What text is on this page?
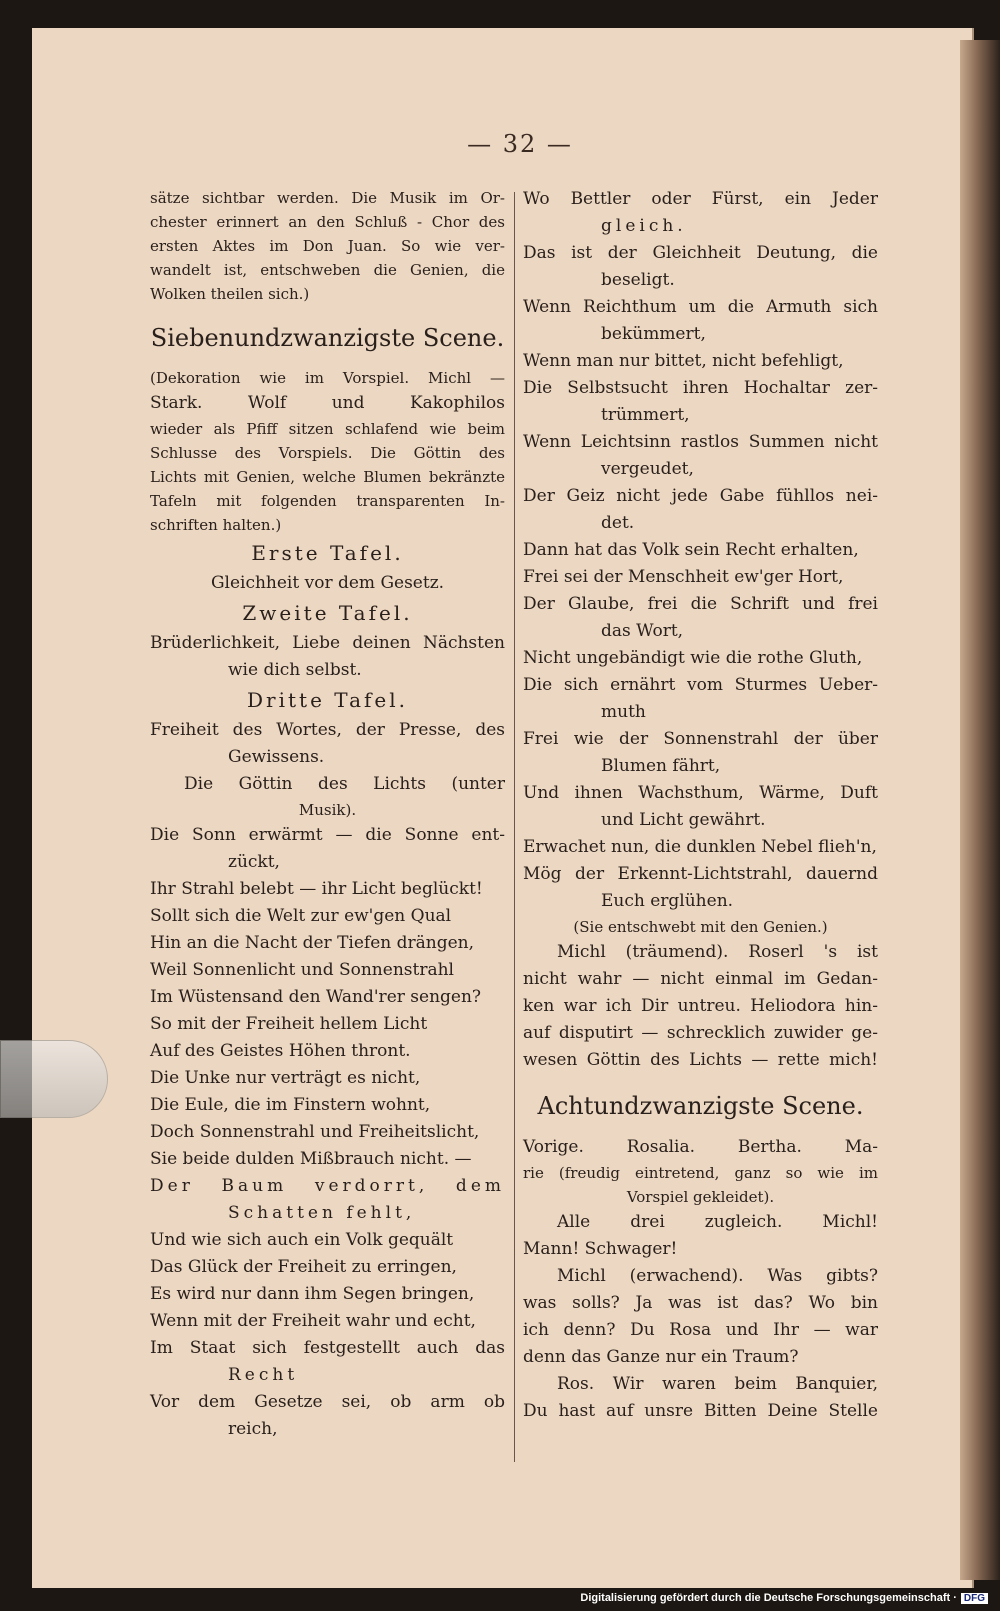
— 32 —
sätze sichtbar werden. Die Musik im Or-
chester erinnert an den Schluß - Chor des
ersten Aktes im Don Juan. So wie ver-
wandelt ist, entschweben die Genien, die
Wolken theilen sich.)
Siebenundzwanzigste Scene.
(Dekoration wie im Vorspiel. Michl —
Stark. Wolf und Kakophilos
wieder als Pfiff sitzen schlafend wie beim
Schlusse des Vorspiels. Die Göttin des
Lichts mit Genien, welche Blumen bekränzte
Tafeln mit folgenden transparenten In-
schriften halten.)
Erste Tafel.
Gleichheit vor dem Gesetz.
Zweite Tafel.
Brüderlichkeit, Liebe deinen Nächsten
wie dich selbst.
Dritte Tafel.
Freiheit des Wortes, der Presse, des
Gewissens.
Die Göttin des Lichts (unter
Musik).
Die Sonn erwärmt — die Sonne ent-
zückt,
Ihr Strahl belebt — ihr Licht beglückt!
Sollt sich die Welt zur ew'gen Qual
Hin an die Nacht der Tiefen drängen,
Weil Sonnenlicht und Sonnenstrahl
Im Wüstensand den Wand'rer sengen?
So mit der Freiheit hellem Licht
Auf des Geistes Höhen thront.
Die Unke nur verträgt es nicht,
Die Eule, die im Finstern wohnt,
Doch Sonnenstrahl und Freiheitslicht,
Sie beide dulden Mißbrauch nicht. —
Der Baum verdorrt, dem
Schatten fehlt,
Und wie sich auch ein Volk gequält
Das Glück der Freiheit zu erringen,
Es wird nur dann ihm Segen bringen,
Wenn mit der Freiheit wahr und echt,
Im Staat sich festgestellt auch das
Recht
Vor dem Gesetze sei, ob arm ob
reich,
Wo Bettler oder Fürst, ein Jeder
gleich.
Das ist der Gleichheit Deutung, die
beseligt.
Wenn Reichthum um die Armuth sich
bekümmert,
Wenn man nur bittet, nicht befehligt,
Die Selbstsucht ihren Hochaltar zer-
trümmert,
Wenn Leichtsinn rastlos Summen nicht
vergeudet,
Der Geiz nicht jede Gabe fühllos nei-
det.
Dann hat das Volk sein Recht erhalten,
Frei sei der Menschheit ew'ger Hort,
Der Glaube, frei die Schrift und frei
das Wort,
Nicht ungebändigt wie die rothe Gluth,
Die sich ernährt vom Sturmes Ueber-
muth
Frei wie der Sonnenstrahl der über
Blumen fährt,
Und ihnen Wachsthum, Wärme, Duft
und Licht gewährt.
Erwachet nun, die dunklen Nebel flieh'n,
Mög der Erkennt-Lichtstrahl, dauernd
Euch erglühen.
(Sie entschwebt mit den Genien.)
Michl (träumend). Roserl 's ist
nicht wahr — nicht einmal im Gedan-
ken war ich Dir untreu. Heliodora hin-
auf disputirt — schrecklich zuwider ge-
wesen Göttin des Lichts — rette mich!
Achtundzwanzigste Scene.
Vorige. Rosalia. Bertha. Ma-
rie (freudig eintretend, ganz so wie im
Vorspiel gekleidet).
Alle drei zugleich. Michl!
Mann! Schwager!
Michl (erwachend). Was gibts?
was solls? Ja was ist das? Wo bin
ich denn? Du Rosa und Ihr — war
denn das Ganze nur ein Traum?
Ros. Wir waren beim Banquier,
Du hast auf unsre Bitten Deine Stelle
Digitalisierung gefördert durch die Deutsche Forschungsgemeinschaft · DFG
